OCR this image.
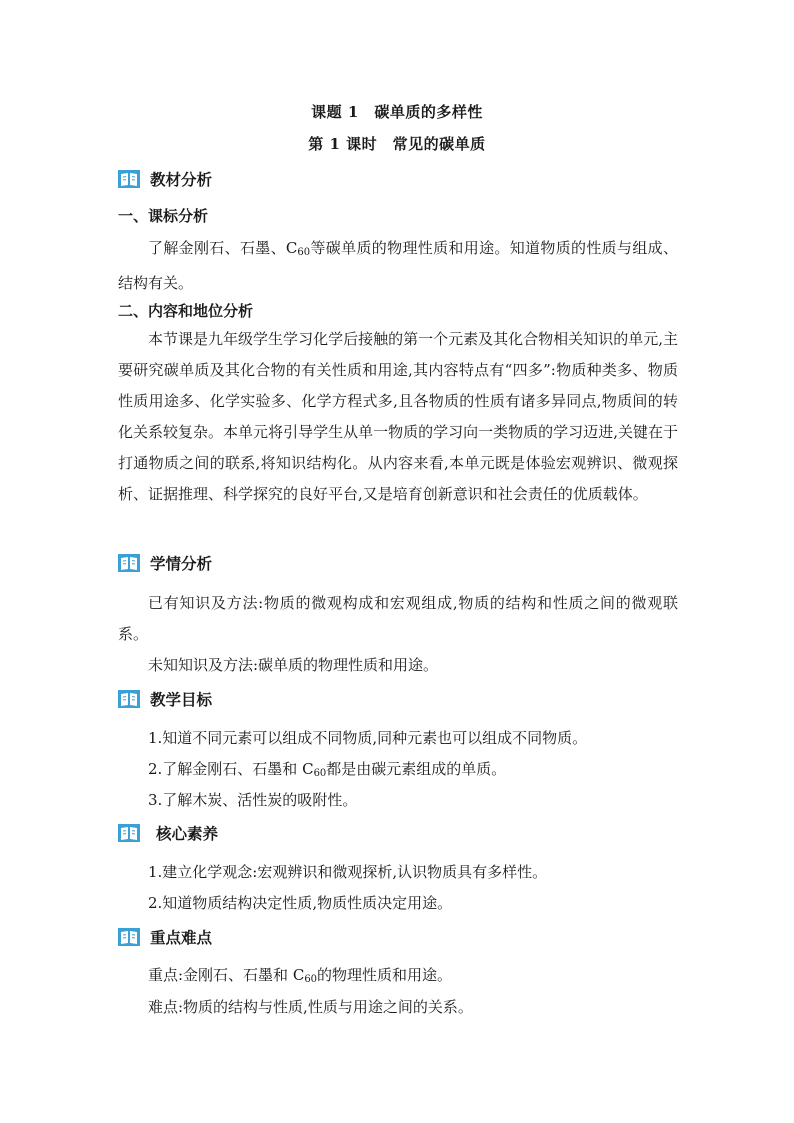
课题 1　碳单质的多样性
第 1 课时　常见的碳单质
教材分析
一、课标分析
了解金刚石、石墨、C60等碳单质的物理性质和用途。知道物质的性质与组成、结构有关。
二、内容和地位分析
本节课是九年级学生学习化学后接触的第一个元素及其化合物相关知识的单元,主要研究碳单质及其化合物的有关性质和用途,其内容特点有“四多”:物质种类多、物质性质用途多、化学实验多、化学方程式多,且各物质的性质有诸多异同点,物质间的转化关系较复杂。本单元将引导学生从单一物质的学习向一类物质的学习迈进,关键在于打通物质之间的联系,将知识结构化。从内容来看,本单元既是体验宏观辨识、微观探析、证据推理、科学探究的良好平台,又是培育创新意识和社会责任的优质载体。
学情分析
已有知识及方法:物质的微观构成和宏观组成,物质的结构和性质之间的微观联系。
未知知识及方法:碳单质的物理性质和用途。
教学目标
1.知道不同元素可以组成不同物质,同种元素也可以组成不同物质。
2.了解金刚石、石墨和 C60都是由碳元素组成的单质。
3.了解木炭、活性炭的吸附性。
核心素养
1.建立化学观念:宏观辨识和微观探析,认识物质具有多样性。
2.知道物质结构决定性质,物质性质决定用途。
重点难点
重点:金刚石、石墨和 C60的物理性质和用途。
难点:物质的结构与性质,性质与用途之间的关系。
